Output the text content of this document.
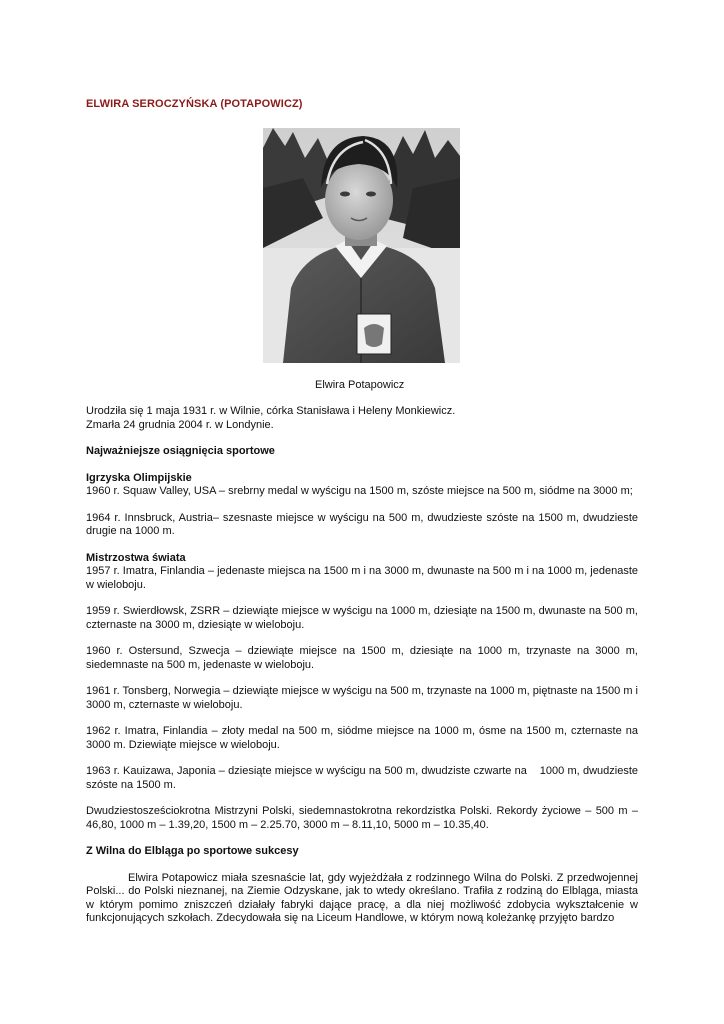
ELWIRA SEROCZYŃSKA (POTAPOWICZ)
Elwira Potapowicz

Urodziła się 1 maja 1931 r. w Wilnie, córka Stanisława i Heleny Monkiewicz.

Zmarła 24 grudnia 2004 r. w Londynie.

Najważniejsze osiągnięcia sportowe

Igrzyska Olimpijskie

1960 r. Squaw Valley, USA – srebrny medal w wyścigu na 1500 m, szóste miejsce na 500 m, siódme na 3000 m;

1964 r. Innsbruck, Austria– szesnaste miejsce w wyścigu na 500 m, dwudzieste szóste na 1500 m, dwudzieste drugie na 1000 m.

Mistrzostwa świata

1957 r. Imatra, Finlandia – jedenaste miejsca na 1500 m i na 3000 m, dwunaste na 500 m i na 1000 m, jedenaste w wieloboju.

1959 r. Swierdłowsk, ZSRR – dziewiąte miejsce w wyścigu na 1000 m, dziesiąte na 1500 m, dwunaste na 500 m, czternaste na 3000 m, dziesiąte w wieloboju.

1960 r. Ostersund, Szwecja – dziewiąte miejsce na 1500 m, dziesiąte na 1000 m, trzynaste na 3000 m, siedemnaste na 500 m, jedenaste w wieloboju.

1961 r. Tonsberg, Norwegia – dziewiąte miejsce w wyścigu na 500 m, trzynaste na 1000 m, piętnaste na 1500 m i 3000 m, czternaste w wieloboju.

1962 r. Imatra, Finlandia – złoty medal na 500 m, siódme miejsce na 1000 m, ósme na 1500 m, czternaste na 3000 m. Dziewiąte miejsce w wieloboju.

1963 r. Kauizawa, Japonia – dziesiąte miejsce w wyścigu na 500 m, dwudziste czwarte na    1000 m, dwudzieste szóste na 1500 m.

Dwudziestosześciokrotna Mistrzyni Polski, siedemnastokrotna rekordzistka Polski. Rekordy życiowe – 500 m – 46,80, 1000 m – 1.39,20, 1500 m – 2.25.70, 3000 m – 8.11,10, 5000 m – 10.35,40.

Z Wilna do Elbląga po sportowe sukcesy

Elwira Potapowicz miała szesnaście lat, gdy wyjeżdżała z rodzinnego Wilna do Polski. Z przedwojennej Polski... do Polski nieznanej, na Ziemie Odzyskane, jak to wtedy określano. Trafiła z rodziną do Elbląga, miasta w którym pomimo zniszczeń działały fabryki dające pracę, a dla niej możliwość zdobycia wykształcenie w funkcjonujących szkołach. Zdecydowała się na Liceum Handlowe, w którym nową koleżankę przyjęto bardzo
